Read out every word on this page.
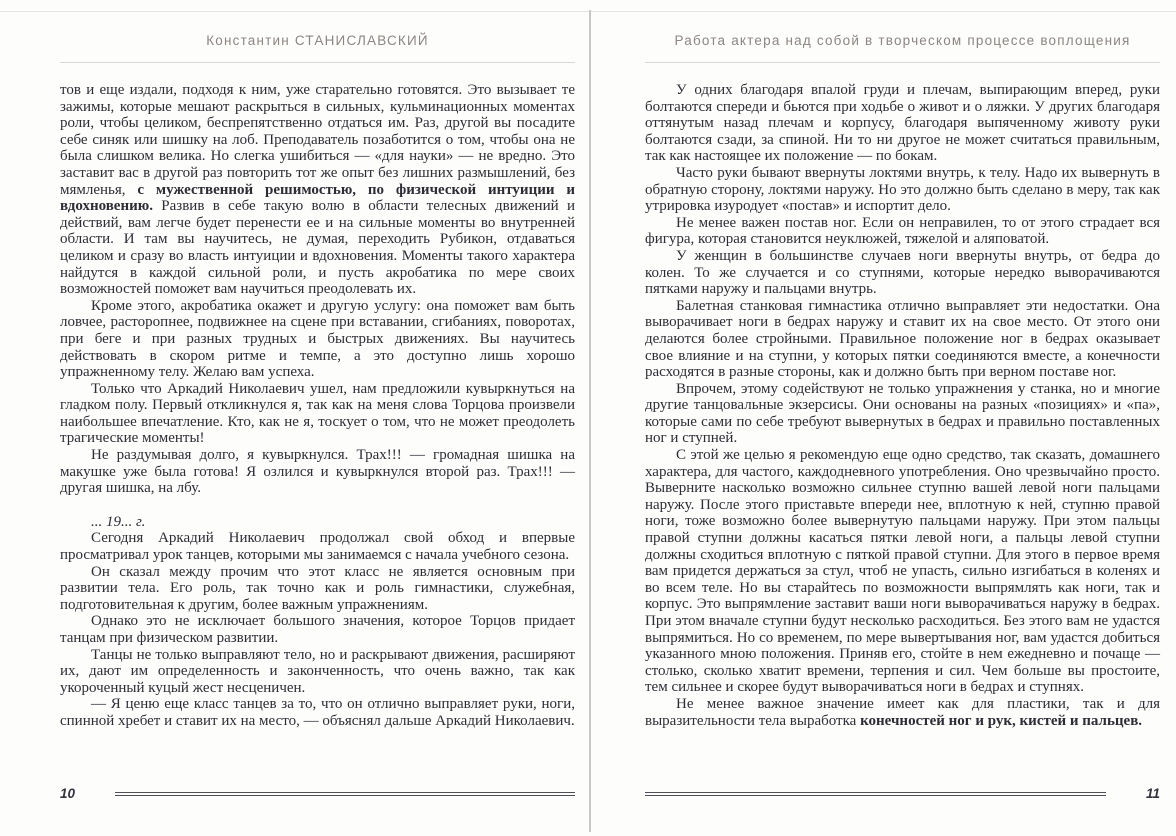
Константин СТАНИСЛАВСКИЙ

тов и еще издали, подходя к ним, уже старательно готовятся. Это вызывает те зажимы, которые мешают раскрыться в сильных, кульминационных моментах роли, чтобы целиком, беспрепятственно отдаться им. Раз, другой вы посадите себе синяк или шишку на лоб. Преподаватель позаботится о том, чтобы она не была слишком велика. Но слегка ушибиться — «для науки» — не вредно. Это заставит вас в другой раз повторить тот же опыт без лишних размышлений, без мямленья, с мужественной решимостью, по физической интуиции и вдохновению. Развив в себе такую волю в области телесных движений и действий, вам легче будет перенести ее и на сильные моменты во внутренней области. И там вы научитесь, не думая, переходить Рубикон, отдаваться целиком и сразу во власть интуиции и вдохновения. Моменты такого характера найдутся в каждой сильной роли, и пусть акробатика по мере своих возможностей поможет вам научиться преодолевать их.

Кроме этого, акробатика окажет и другую услугу: она поможет вам быть ловчее, расторопнее, подвижнее на сцене при вставании, сгибаниях, поворотах, при беге и при разных трудных и быстрых движениях. Вы научитесь действовать в скором ритме и темпе, а это доступно лишь хорошо упражненному телу. Желаю вам успеха.

Только что Аркадий Николаевич ушел, нам предложили кувыркнуться на гладком полу. Первый откликнулся я, так как на меня слова Торцова произвели наибольшее впечатление. Кто, как не я, тоскует о том, что не может преодолеть трагические моменты!

Не раздумывая долго, я кувыркнулся. Трах!!! — громадная шишка на макушке уже была готова! Я озлился и кувыркнулся второй раз. Трах!!! — другая шишка, на лбу.

... 19... г.

Сегодня Аркадий Николаевич продолжал свой обход и впервые просматривал урок танцев, которыми мы занимаемся с начала учебного сезона.

Он сказал между прочим что этот класс не является основным при развитии тела. Его роль, так точно как и роль гимнастики, служебная, подготовительная к другим, более важным упражнениям.

Однако это не исключает большого значения, которое Торцов придает танцам при физическом развитии.

Танцы не только выправляют тело, но и раскрывают движения, расширяют их, дают им определенность и законченность, что очень важно, так как укороченный куцый жест несценичен.

— Я ценю еще класс танцев за то, что он отлично выправляет руки, ноги, спинной хребет и ставит их на место, — объяснял дальше Аркадий Николаевич.

10
Работа актера над собой в творческом процессе воплощения

У одних благодаря впалой груди и плечам, выпирающим вперед, руки болтаются спереди и бьются при ходьбе о живот и о ляжки. У других благодаря оттянутым назад плечам и корпусу, благодаря выпяченному животу руки болтаются сзади, за спиной. Ни то ни другое не может считаться правильным, так как настоящее их положение — по бокам.

Часто руки бывают ввернуты локтями внутрь, к телу. Надо их вывернуть в обратную сторону, локтями наружу. Но это должно быть сделано в меру, так как утрировка изуродует «постав» и испортит дело.

Не менее важен постав ног. Если он неправилен, то от этого страдает вся фигура, которая становится неуклюжей, тяжелой и аляповатой.

У женщин в большинстве случаев ноги ввернуты внутрь, от бедра до колен. То же случается и со ступнями, которые нередко выворачиваются пятками наружу и пальцами внутрь.

Балетная станковая гимнастика отлично выправляет эти недостатки. Она выворачивает ноги в бедрах наружу и ставит их на свое место. От этого они делаются более стройными. Правильное положение ног в бедрах оказывает свое влияние и на ступни, у которых пятки соединяются вместе, а конечности расходятся в разные стороны, как и должно быть при верном поставе ног.

Впрочем, этому содействуют не только упражнения у станка, но и многие другие танцовальные экзерсисы. Они основаны на разных «позициях» и «па», которые сами по себе требуют вывернутых в бедрах и правильно поставленных ног и ступней.

С этой же целью я рекомендую еще одно средство, так сказать, домашнего характера, для частого, каждодневного употребления. Оно чрезвычайно просто. Выверните насколько возможно сильнее ступню вашей левой ноги пальцами наружу. После этого приставьте впереди нее, вплотную к ней, ступню правой ноги, тоже возможно более вывернутую пальцами наружу. При этом пальцы правой ступни должны касаться пятки левой ноги, а пальцы левой ступни должны сходиться вплотную с пяткой правой ступни. Для этого в первое время вам придется держаться за стул, чтоб не упасть, сильно изгибаться в коленях и во всем теле. Но вы старайтесь по возможности выпрямлять как ноги, так и корпус. Это выпрямление заставит ваши ноги выворачиваться наружу в бедрах. При этом вначале ступни будут несколько расходиться. Без этого вам не удастся выпрямиться. Но со временем, по мере вывертывания ног, вам удастся добиться указанного мною положения. Приняв его, стойте в нем ежедневно и почаще — столько, сколько хватит времени, терпения и сил. Чем больше вы простоите, тем сильнее и скорее будут выворачиваться ноги в бедрах и ступнях.

Не менее важное значение имеет как для пластики, так и для выразительности тела выработка конечностей ног и рук, кистей и пальцев.

11
